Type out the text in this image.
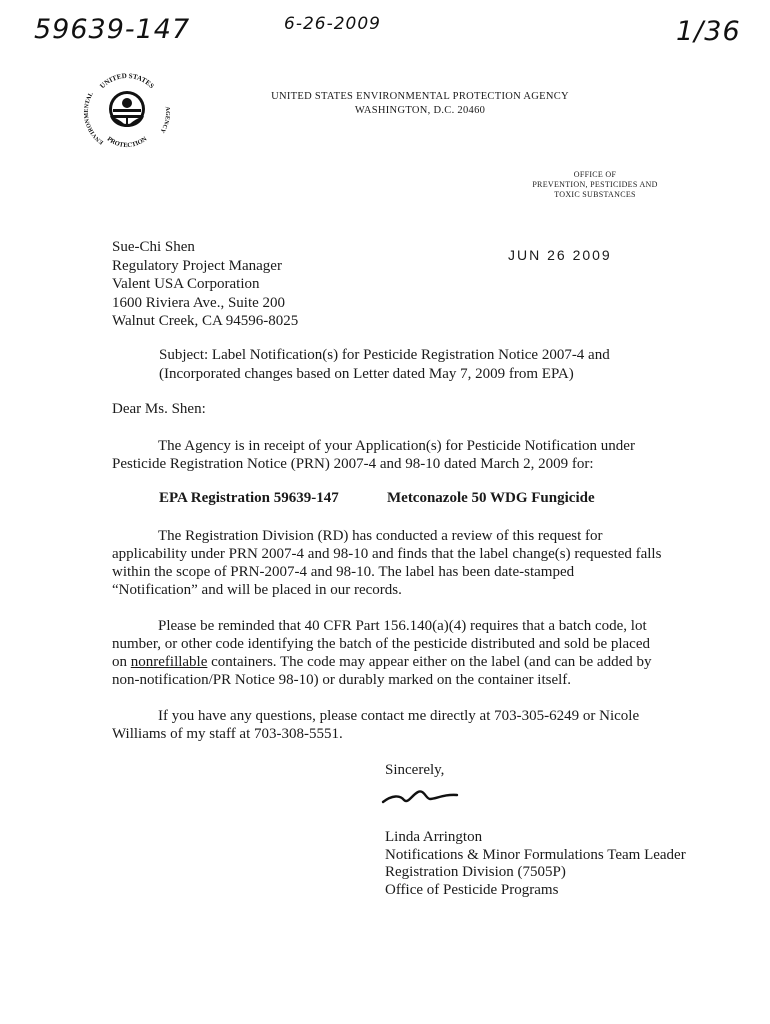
59639-147	6-26-2009	1/36
UNITED STATES
ENVIRONMENTAL
AGENCY
PROTECTION
UNITED STATES ENVIRONMENTAL PROTECTION AGENCY
WASHINGTON, D.C. 20460
OFFICE OF
PREVENTION, PESTICIDES AND
TOXIC SUBSTANCES
Sue-Chi Shen
Regulatory Project Manager
Valent USA Corporation
1600 Riviera Ave., Suite 200
Walnut Creek, CA 94596-8025
JUN 26 2009
Subject: Label Notification(s) for Pesticide Registration Notice 2007-4 and (Incorporated changes based on Letter dated May 7, 2009 from EPA)
Dear Ms. Shen:
The Agency is in receipt of your Application(s) for Pesticide Notification under Pesticide Registration Notice (PRN) 2007-4 and 98-10 dated March 2, 2009 for:
EPA Registration 59639-147	Metconazole 50 WDG Fungicide
The Registration Division (RD) has conducted a review of this request for applicability under PRN 2007-4 and 98-10 and finds that the label change(s) requested falls within the scope of PRN-2007-4 and 98-10. The label has been date-stamped “Notification” and will be placed in our records.
Please be reminded that 40 CFR Part 156.140(a)(4) requires that a batch code, lot number, or other code identifying the batch of the pesticide distributed and sold be placed on nonrefillable containers. The code may appear either on the label (and can be added by non-notification/PR Notice 98-10) or durably marked on the container itself.
If you have any questions, please contact me directly at 703-305-6249 or Nicole Williams of my staff at 703-308-5551.
Sincerely,
Linda Arrington
Notifications & Minor Formulations Team Leader
Registration Division (7505P)
Office of Pesticide Programs
